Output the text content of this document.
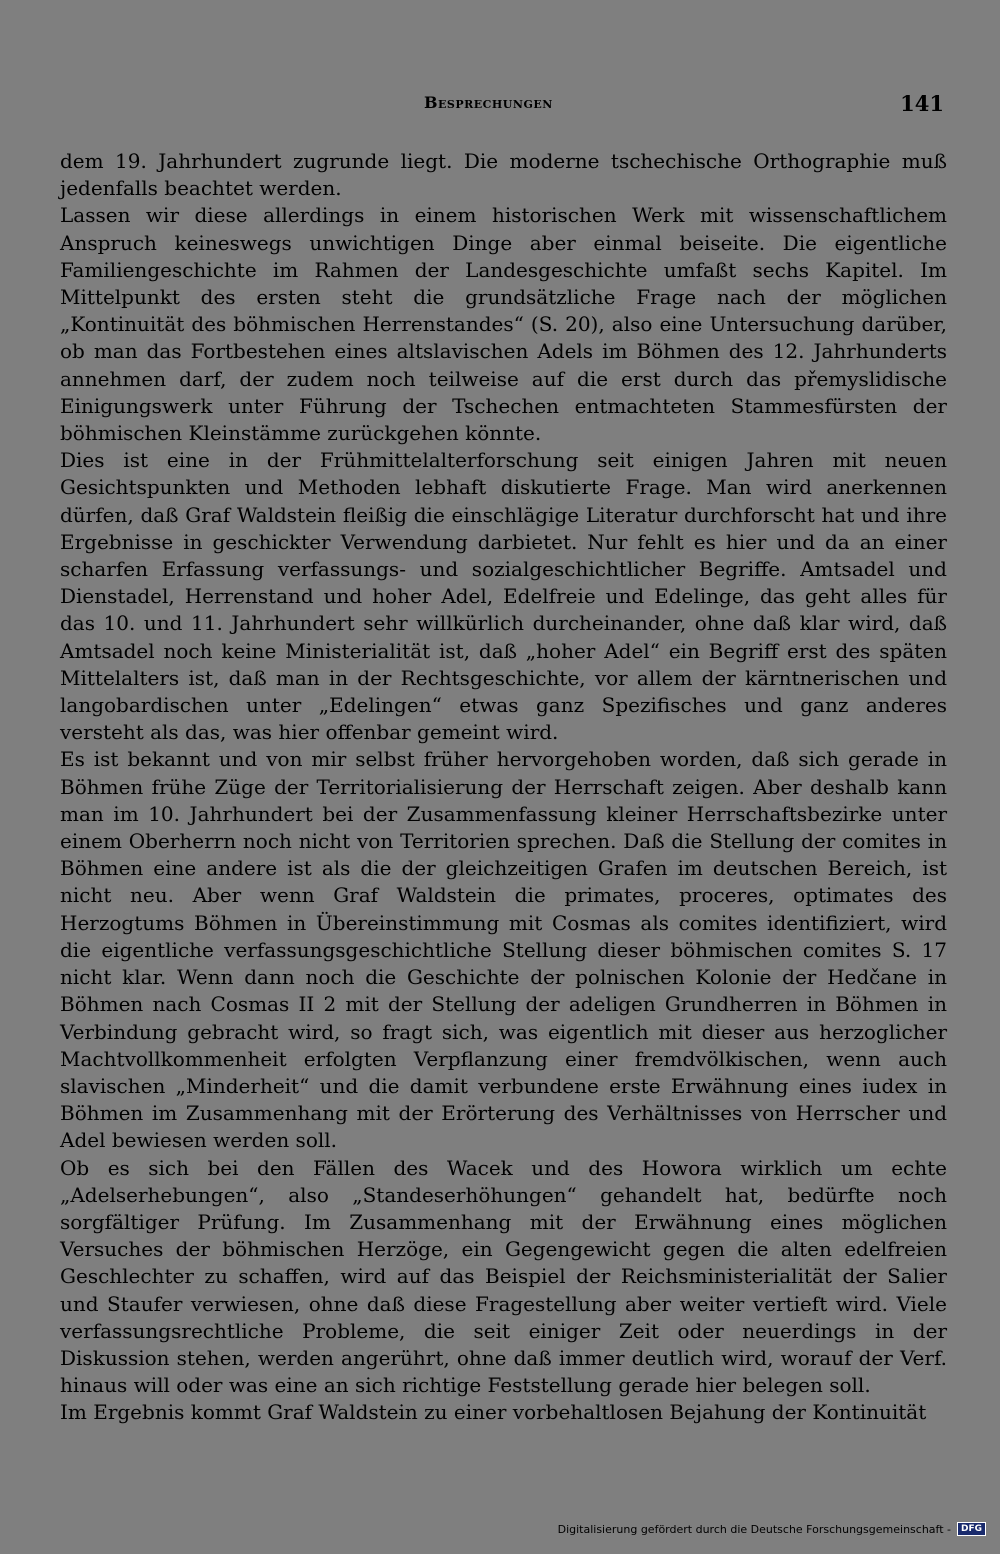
Besprechungen	141

dem 19. Jahrhundert zugrunde liegt. Die moderne tschechische Orthographie muß jedenfalls beachtet werden.

Lassen wir diese allerdings in einem historischen Werk mit wissenschaftlichem Anspruch keineswegs unwichtigen Dinge aber einmal beiseite. Die eigentliche Familiengeschichte im Rahmen der Landesgeschichte umfaßt sechs Kapitel. Im Mittelpunkt des ersten steht die grundsätzliche Frage nach der möglichen „Kontinuität des böhmischen Herrenstandes“ (S. 20), also eine Untersuchung darüber, ob man das Fortbestehen eines altslavischen Adels im Böhmen des 12. Jahrhunderts annehmen darf, der zudem noch teilweise auf die erst durch das přemyslidische Einigungswerk unter Führung der Tschechen entmachteten Stammesfürsten der böhmischen Kleinstämme zurückgehen könnte.

Dies ist eine in der Frühmittelalterforschung seit einigen Jahren mit neuen Gesichtspunkten und Methoden lebhaft diskutierte Frage. Man wird anerkennen dürfen, daß Graf Waldstein fleißig die einschlägige Literatur durchforscht hat und ihre Ergebnisse in geschickter Verwendung darbietet. Nur fehlt es hier und da an einer scharfen Erfassung verfassungs- und sozialgeschichtlicher Begriffe. Amtsadel und Dienstadel, Herrenstand und hoher Adel, Edelfreie und Edelinge, das geht alles für das 10. und 11. Jahrhundert sehr willkürlich durcheinander, ohne daß klar wird, daß Amtsadel noch keine Ministerialität ist, daß „hoher Adel“ ein Begriff erst des späten Mittelalters ist, daß man in der Rechtsgeschichte, vor allem der kärntnerischen und langobardischen unter „Edelingen“ etwas ganz Spezifisches und ganz anderes versteht als das, was hier offenbar gemeint wird.

Es ist bekannt und von mir selbst früher hervorgehoben worden, daß sich gerade in Böhmen frühe Züge der Territorialisierung der Herrschaft zeigen. Aber deshalb kann man im 10. Jahrhundert bei der Zusammenfassung kleiner Herrschaftsbezirke unter einem Oberherrn noch nicht von Territorien sprechen. Daß die Stellung der comites in Böhmen eine andere ist als die der gleichzeitigen Grafen im deutschen Bereich, ist nicht neu. Aber wenn Graf Waldstein die primates, proceres, optimates des Herzogtums Böhmen in Übereinstimmung mit Cosmas als comites identifiziert, wird die eigentliche verfassungsgeschichtliche Stellung dieser böhmischen comites S. 17 nicht klar. Wenn dann noch die Geschichte der polnischen Kolonie der Hedčane in Böhmen nach Cosmas II 2 mit der Stellung der adeligen Grundherren in Böhmen in Verbindung gebracht wird, so fragt sich, was eigentlich mit dieser aus herzoglicher Machtvollkommenheit erfolgten Verpflanzung einer fremdvölkischen, wenn auch slavischen „Minderheit“ und die damit verbundene erste Erwähnung eines iudex in Böhmen im Zusammenhang mit der Erörterung des Verhältnisses von Herrscher und Adel bewiesen werden soll.

Ob es sich bei den Fällen des Wacek und des Howora wirklich um echte „Adelserhebungen“, also „Standeserhöhungen“ gehandelt hat, bedürfte noch sorgfältiger Prüfung. Im Zusammenhang mit der Erwähnung eines möglichen Versuches der böhmischen Herzöge, ein Gegengewicht gegen die alten edelfreien Geschlechter zu schaffen, wird auf das Beispiel der Reichsministerialität der Salier und Staufer verwiesen, ohne daß diese Fragestellung aber weiter vertieft wird. Viele verfassungsrechtliche Probleme, die seit einiger Zeit oder neuerdings in der Diskussion stehen, werden angerührt, ohne daß immer deutlich wird, worauf der Verf. hinaus will oder was eine an sich richtige Feststellung gerade hier belegen soll.

Im Ergebnis kommt Graf Waldstein zu einer vorbehaltlosen Bejahung der Kontinuität

Digitalisierung gefördert durch die Deutsche Forschungsgemeinschaft -	DFG
